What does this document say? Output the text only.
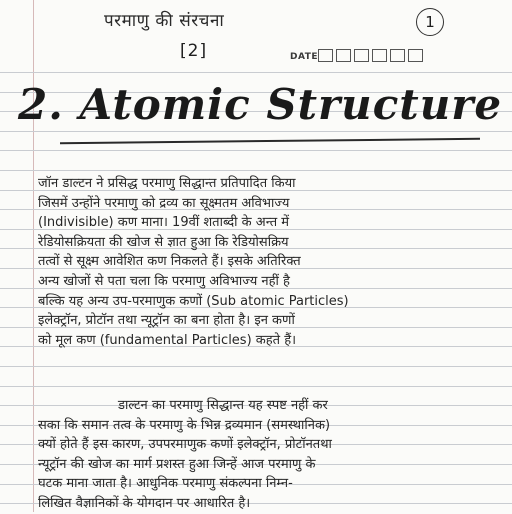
परमाणु की संरचना	1
[2]	DATE
2. Atomic Structure
जॉन डाल्टन ने प्रसिद्ध परमाणु सिद्धान्त प्रतिपादित किया
जिसमें उन्होंने परमाणु को द्रव्य का सूक्ष्मतम अविभाज्य
(Indivisible) कण माना। 19वीं शताब्दी के अन्त में
रेडियोसक्रियता की खोज से ज्ञात हुआ कि रेडियोसक्रिय
तत्वों से सूक्ष्म आवेशित कण निकलते हैं। इसके अतिरिक्त
अन्य खोजों से पता चला कि परमाणु अविभाज्य नहीं है
बल्कि यह अन्य उप-परमाणुक कणों (Sub atomic Particles)
इलेक्ट्रॉन, प्रोटॉन तथा न्यूट्रॉन का बना होता है। इन कणों
को मूल कण (fundamental Particles) कहते हैं।
डाल्टन का परमाणु सिद्धान्त यह स्पष्ट नहीं कर
सका कि समान तत्व के परमाणु के भिन्न द्रव्यमान (समस्थानिक)
क्यों होते हैं इस कारण, उपपरमाणुक कणों इलेक्ट्रॉन, प्रोटॉनतथा
न्यूट्रॉन की खोज का मार्ग प्रशस्त हुआ जिन्हें आज परमाणु के
घटक माना जाता है। आधुनिक परमाणु संकल्पना निम्न-
लिखित वैज्ञानिकों के योगदान पर आधारित है।
